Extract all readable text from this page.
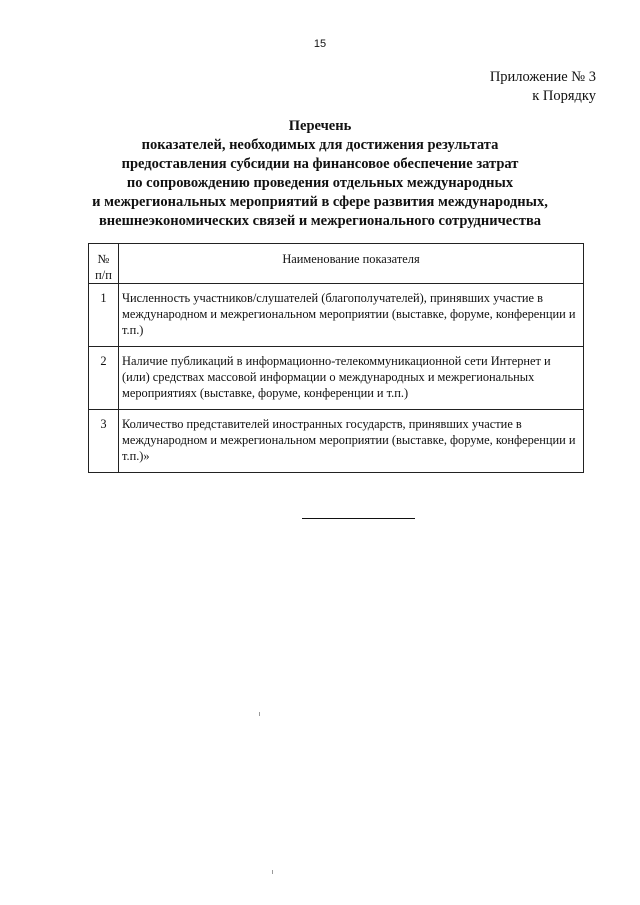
15
Приложение № 3
к Порядку
Перечень
показателей, необходимых для достижения результата
предоставления субсидии на финансовое обеспечение затрат
по сопровождению проведения отдельных международных
и межрегиональных мероприятий в сфере развития международных,
внешнеэкономических связей и межрегионального сотрудничества
№
п/п	Наименование показателя
1	Численность участников/слушателей (благополучателей), принявших участие в международном и межрегиональном мероприятии (выставке, форуме, конференции и т.п.)
2	Наличие публикаций в информационно-телекоммуникационной сети Интернет и (или) средствах массовой информации о международных и межрегиональных мероприятиях (выставке, форуме, конференции и т.п.)
3	Количество представителей иностранных государств, принявших участие в международном и межрегиональном мероприятии (выставке, форуме, конференции и т.п.)»
